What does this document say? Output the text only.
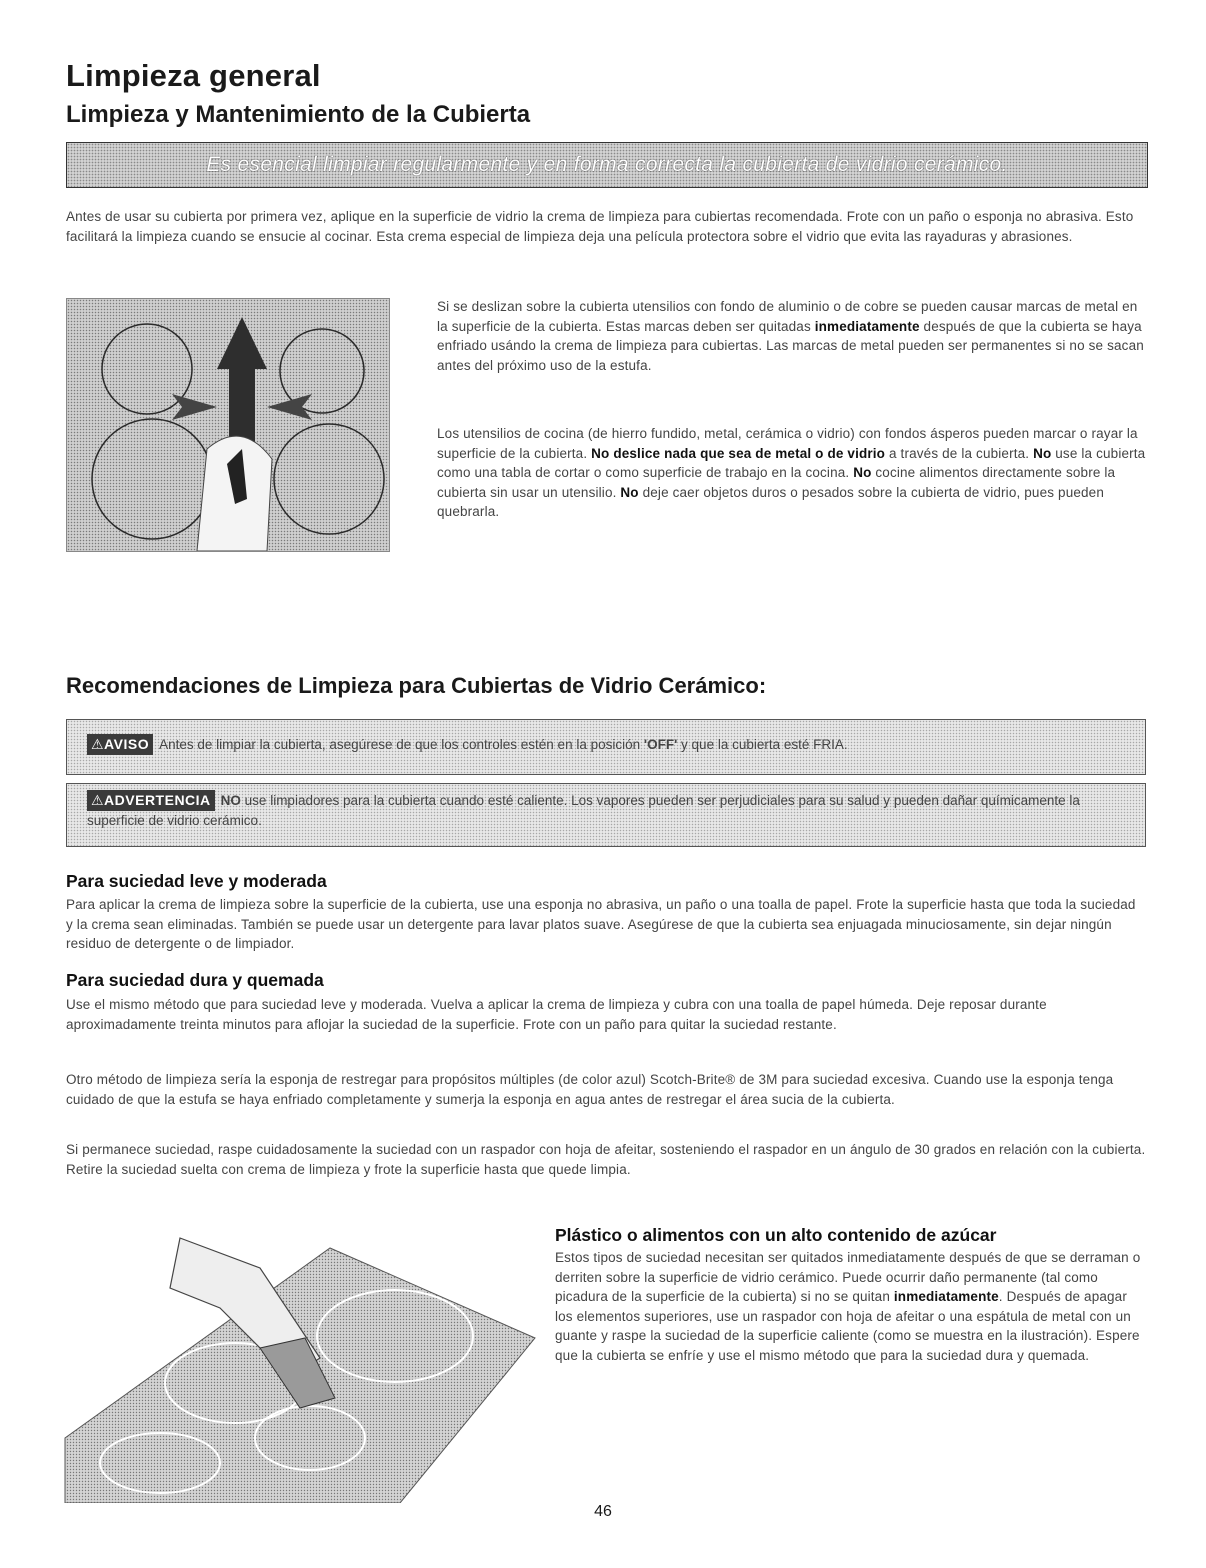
Limpieza general
Limpieza y Mantenimiento de la Cubierta
Es esencial limpiar regularmente y en forma correcta la cubierta de vidrio cerámico.

Antes de usar su cubierta por primera vez, aplique en la superficie de vidrio la crema de limpieza para cubiertas recomendada. Frote con un paño o esponja no abrasiva. Esto facilitará la limpieza cuando se ensucie al cocinar. Esta crema especial de limpieza deja una película protectora sobre el vidrio que evita las rayaduras y abrasiones.

Si se deslizan sobre la cubierta utensilios con fondo de aluminio o de cobre se pueden causar marcas de metal en la superficie de la cubierta. Estas marcas deben ser quitadas inmediatamente después de que la cubierta se haya enfriado usándo la crema de limpieza para cubiertas. Las marcas de metal pueden ser permanentes si no se sacan antes del próximo uso de la estufa.

Los utensilios de cocina (de hierro fundido, metal, cerámica o vidrio) con fondos ásperos pueden marcar o rayar la superficie de la cubierta. No deslice nada que sea de metal o de vidrio a través de la cubierta. No use la cubierta como una tabla de cortar o como superficie de trabajo en la cocina. No cocine alimentos directamente sobre la cubierta sin usar un utensilio. No deje caer objetos duros o pesados sobre la cubierta de vidrio, pues pueden quebrarla.

Recomendaciones de Limpieza para Cubiertas de Vidrio Cerámico:
⚠AVISO Antes de limpiar la cubierta, asegúrese de que los controles estén en la posición 'OFF' y que la cubierta esté FRIA.
⚠ADVERTENCIA NO use limpiadores para la cubierta cuando esté caliente. Los vapores pueden ser perjudiciales para su salud y pueden dañar químicamente la superficie de vidrio cerámico.
Para suciedad leve y moderada

Para aplicar la crema de limpieza sobre la superficie de la cubierta, use una esponja no abrasiva, un paño o una toalla de papel. Frote la superficie hasta que toda la suciedad y la crema sean eliminadas. También se puede usar un detergente para lavar platos suave. Asegúrese de que la cubierta sea enjuagada minuciosamente, sin dejar ningún residuo de detergente o de limpiador.

Para suciedad dura y quemada

Use el mismo método que para suciedad leve y moderada. Vuelva a aplicar la crema de limpieza y cubra con una toalla de papel húmeda. Deje reposar durante aproximadamente treinta minutos para aflojar la suciedad de la superficie. Frote con un paño para quitar la suciedad restante.

Otro método de limpieza sería la esponja de restregar para propósitos múltiples (de color azul) Scotch-Brite® de 3M para suciedad excesiva. Cuando use la esponja tenga cuidado de que la estufa se haya enfriado completamente y sumerja la esponja en agua antes de restregar el área sucia de la cubierta.

Si permanece suciedad, raspe cuidadosamente la suciedad con un raspador con hoja de afeitar, sosteniendo el raspador en un ángulo de 30 grados en relación con la cubierta. Retire la suciedad suelta con crema de limpieza y frote la superficie hasta que quede limpia.

Plástico o alimentos con un alto contenido de azúcar

Estos tipos de suciedad necesitan ser quitados inmediatamente después de que se derraman o derriten sobre la superficie de vidrio cerámico. Puede ocurrir daño permanente (tal como picadura de la superficie de la cubierta) si no se quitan inmediatamente. Después de apagar los elementos superiores, use un raspador con hoja de afeitar o una espátula de metal con un guante y raspe la suciedad de la superficie caliente (como se muestra en la ilustración). Espere que la cubierta se enfríe y use el mismo método que para la suciedad dura y quemada.

46
